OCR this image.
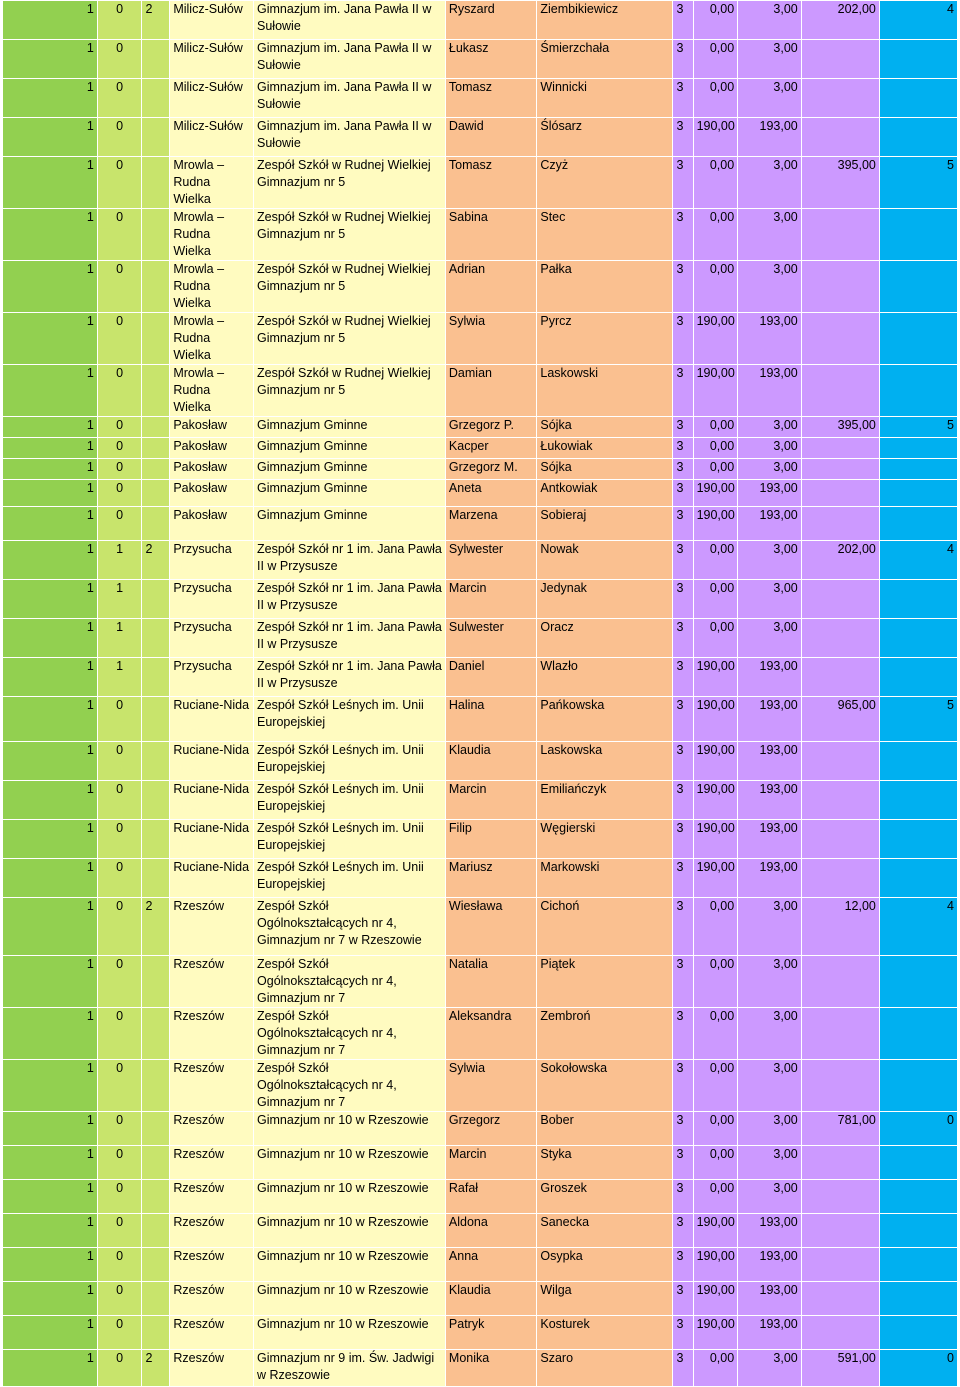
1	0	2	Milicz-Sułów	Gimnazjum im. Jana Pawła II w Sułowie	Ryszard	Ziembikiewicz	3	0,00	3,00	202,00	4
1	0		Milicz-Sułów	Gimnazjum im. Jana Pawła II w Sułowie	Łukasz	Śmierzchała	3	0,00	3,00		
1	0		Milicz-Sułów	Gimnazjum im. Jana Pawła II w Sułowie	Tomasz	Winnicki	3	0,00	3,00		
1	0		Milicz-Sułów	Gimnazjum im. Jana Pawła II w Sułowie	Dawid	Ślósarz	3	190,00	193,00		
1	0		Mrowla – Rudna Wielka	Zespół Szkół w Rudnej Wielkiej Gimnazjum nr 5	Tomasz	Czyż	3	0,00	3,00	395,00	5
1	0		Mrowla – Rudna Wielka	Zespół Szkół w Rudnej Wielkiej Gimnazjum nr 5	Sabina	Stec	3	0,00	3,00		
1	0		Mrowla – Rudna Wielka	Zespół Szkół w Rudnej Wielkiej Gimnazjum nr 5	Adrian	Pałka	3	0,00	3,00		
1	0		Mrowla – Rudna Wielka	Zespół Szkół w Rudnej Wielkiej Gimnazjum nr 5	Sylwia	Pyrcz	3	190,00	193,00		
1	0		Mrowla – Rudna Wielka	Zespół Szkół w Rudnej Wielkiej Gimnazjum nr 5	Damian	Laskowski	3	190,00	193,00		
1	0		Pakosław	Gimnazjum Gminne	Grzegorz P.	Sójka	3	0,00	3,00	395,00	5
1	0		Pakosław	Gimnazjum Gminne	Kacper	Łukowiak	3	0,00	3,00		
1	0		Pakosław	Gimnazjum Gminne	Grzegorz M.	Sójka	3	0,00	3,00		
1	0		Pakosław	Gimnazjum Gminne	Aneta	Antkowiak	3	190,00	193,00		
1	0		Pakosław	Gimnazjum Gminne	Marzena	Sobieraj	3	190,00	193,00		
1	1	2	Przysucha	Zespół Szkół nr 1 im. Jana Pawła II w Przysusze	Sylwester	Nowak	3	0,00	3,00	202,00	4
1	1		Przysucha	Zespół Szkół nr 1 im. Jana Pawła II w Przysusze	Marcin	Jedynak	3	0,00	3,00		
1	1		Przysucha	Zespół Szkół nr 1 im. Jana Pawła II w Przysusze	Sulwester	Oracz	3	0,00	3,00		
1	1		Przysucha	Zespół Szkół nr 1 im. Jana Pawła II w Przysusze	Daniel	Wlazło	3	190,00	193,00		
1	0		Ruciane-Nida	Zespół Szkół Leśnych im. Unii Europejskiej	Halina	Pańkowska	3	190,00	193,00	965,00	5
1	0		Ruciane-Nida	Zespół Szkół Leśnych im. Unii Europejskiej	Klaudia	Laskowska	3	190,00	193,00		
1	0		Ruciane-Nida	Zespół Szkół Leśnych im. Unii Europejskiej	Marcin	Emiliańczyk	3	190,00	193,00		
1	0		Ruciane-Nida	Zespół Szkół Leśnych im. Unii Europejskiej	Filip	Węgierski	3	190,00	193,00		
1	0		Ruciane-Nida	Zespół Szkół Leśnych im. Unii Europejskiej	Mariusz	Markowski	3	190,00	193,00		
1	0	2	Rzeszów	Zespół Szkół Ogólnokształcących nr 4, Gimnazjum nr 7 w Rzeszowie	Wiesława	Cichoń	3	0,00	3,00	12,00	4
1	0		Rzeszów	Zespół Szkół Ogólnokształcących nr 4, Gimnazjum nr 7	Natalia	Piątek	3	0,00	3,00		
1	0		Rzeszów	Zespół Szkół Ogólnokształcących nr 4, Gimnazjum nr 7	Aleksandra	Zembroń	3	0,00	3,00		
1	0		Rzeszów	Zespół Szkół Ogólnokształcących nr 4, Gimnazjum nr 7	Sylwia	Sokołowska	3	0,00	3,00		
1	0		Rzeszów	Gimnazjum nr 10 w Rzeszowie	Grzegorz	Bober	3	0,00	3,00	781,00	0
1	0		Rzeszów	Gimnazjum nr 10 w Rzeszowie	Marcin	Styka	3	0,00	3,00		
1	0		Rzeszów	Gimnazjum nr 10 w Rzeszowie	Rafał	Groszek	3	0,00	3,00		
1	0		Rzeszów	Gimnazjum nr 10 w Rzeszowie	Aldona	Sanecka	3	190,00	193,00		
1	0		Rzeszów	Gimnazjum nr 10 w Rzeszowie	Anna	Osypka	3	190,00	193,00		
1	0		Rzeszów	Gimnazjum nr 10 w Rzeszowie	Klaudia	Wilga	3	190,00	193,00		
1	0		Rzeszów	Gimnazjum nr 10 w Rzeszowie	Patryk	Kosturek	3	190,00	193,00		
1	0	2	Rzeszów	Gimnazjum nr 9 im. Św. Jadwigi w Rzeszowie	Monika	Szaro	3	0,00	3,00	591,00	0
